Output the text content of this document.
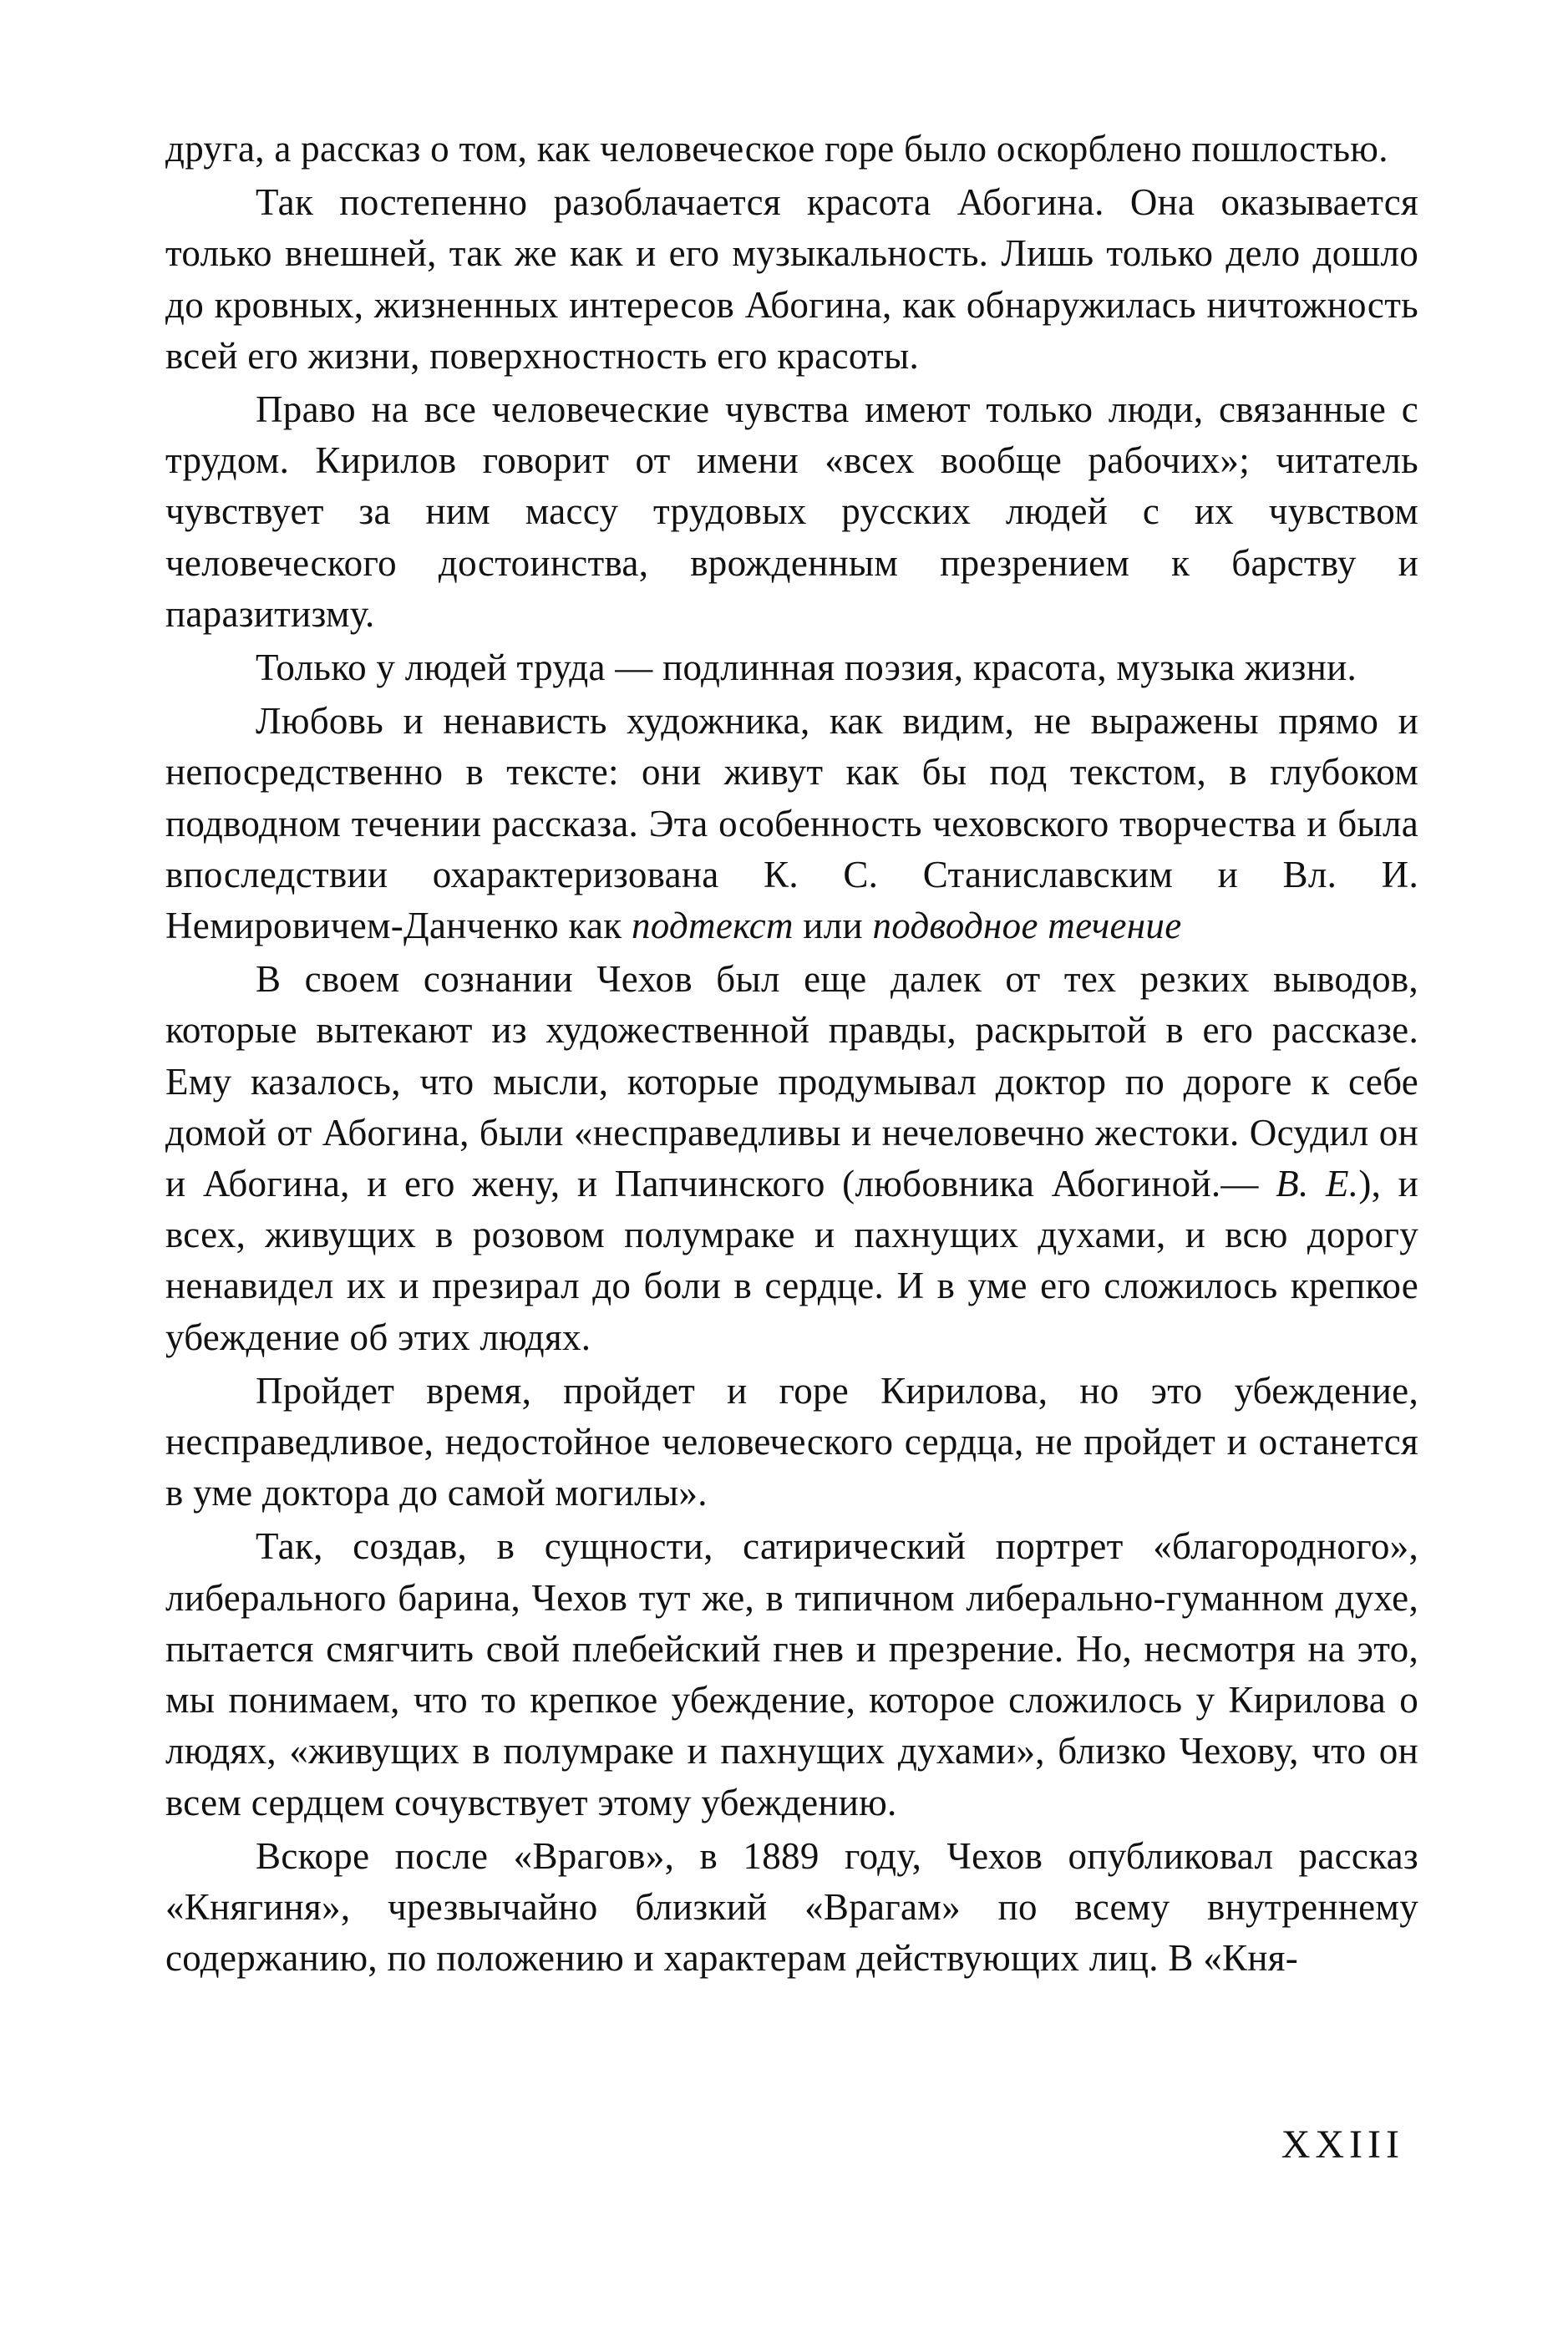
друга, а рассказ о том, как человеческое горе было оскорблено пошлостью.

Так постепенно разоблачается красота Абогина. Она оказывается только внешней, так же как и его музыкальность. Лишь только дело дошло до кровных, жизненных интересов Абогина, как обнаружилась ничтожность всей его жизни, поверхностность его красоты.

Право на все человеческие чувства имеют только люди, связанные с трудом. Кирилов говорит от имени «всех вообще рабочих»; читатель чувствует за ним массу трудовых русских людей с их чувством человеческого достоинства, врожденным презрением к барству и паразитизму.

Только у людей труда — подлинная поэзия, красота, музыка жизни.

Любовь и ненависть художника, как видим, не выражены прямо и непосредственно в тексте: они живут как бы под текстом, в глубоком подводном течении рассказа. Эта особенность чеховского творчества и была впоследствии охарактеризована К. С. Станиславским и Вл. И. Немировичем-Данченко как подтекст или подводное течение

В своем сознании Чехов был еще далек от тех резких выводов, которые вытекают из художественной правды, раскрытой в его рассказе. Ему казалось, что мысли, которые продумывал доктор по дороге к себе домой от Абогина, были «несправедливы и нечеловечно жестоки. Осудил он и Абогина, и его жену, и Папчинского (любовника Абогиной.— В. Е.), и всех, живущих в розовом полумраке и пахнущих духами, и всю дорогу ненавидел их и презирал до боли в сердце. И в уме его сложилось крепкое убеждение об этих людях.

Пройдет время, пройдет и горе Кирилова, но это убеждение, несправедливое, недостойное человеческого сердца, не пройдет и останется в уме доктора до самой могилы».

Так, создав, в сущности, сатирический портрет «благородного», либерального барина, Чехов тут же, в типичном либерально-гуманном духе, пытается смягчить свой плебейский гнев и презрение. Но, несмотря на это, мы понимаем, что то крепкое убеждение, которое сложилось у Кирилова о людях, «живущих в полумраке и пахнущих духами», близко Чехову, что он всем сердцем сочувствует этому убеждению.

Вскоре после «Врагов», в 1889 году, Чехов опубликовал рассказ «Княгиня», чрезвычайно близкий «Врагам» по всему внутреннему содержанию, по положению и характерам действующих лиц. В «Кня-

XXIII
